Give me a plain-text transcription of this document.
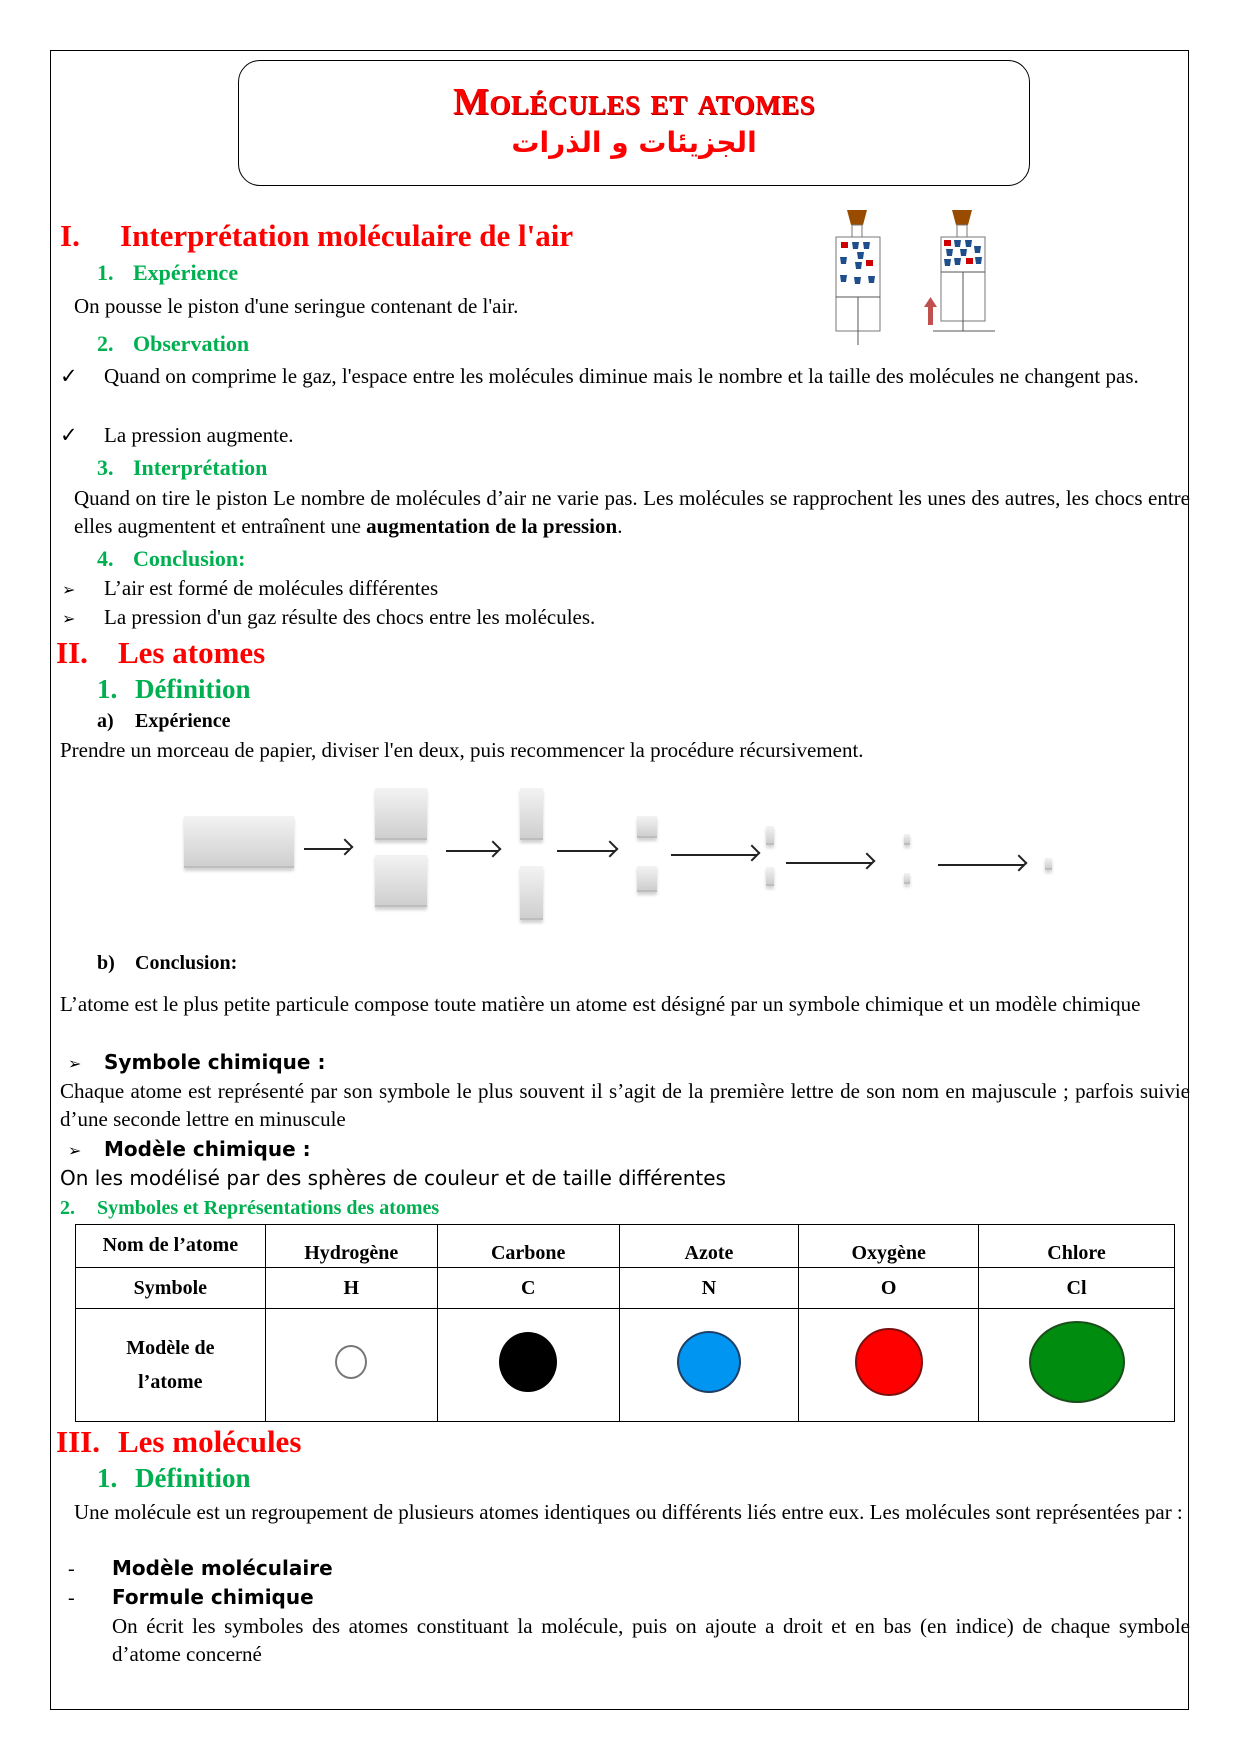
Molécules et atomes
الجزيئات و الذرات
I. Interprétation moléculaire de l'air
1. Expérience
On pousse le piston d'une seringue contenant de l'air.
2. Observation
✓	Quand on comprime le gaz, l'espace entre les molécules diminue mais le nombre et la taille des molécules ne changent pas.
✓ La pression augmente.
3. Interprétation
Quand on tire le piston Le nombre de molécules d’air ne varie pas. Les molécules se rapprochent les unes des autres, les chocs entre elles augmentent et entraînent une augmentation de la pression.
4. Conclusion:
➢ L’air est formé de molécules différentes
➢ La pression d'un gaz résulte des chocs entre les molécules.
II. Les atomes
1. Définition
a) Expérience
Prendre un morceau de papier, diviser l'en deux, puis recommencer la procédure récursivement.
b) Conclusion:
L’atome est le plus petite particule compose toute matière un atome est désigné par un symbole chimique et un modèle chimique
➢ Symbole chimique :
Chaque atome est représenté par son symbole le plus souvent il s’agit de la première lettre de son nom en majuscule ; parfois suivie d’une seconde lettre en minuscule
➢ Modèle chimique :
On les modélisé par des sphères de couleur et de taille différentes
2. Symboles et Représentations des atomes
Nom de l’atome	Hydrogène	Carbone	Azote	Oxygène	Chlore
Symbole	H	C	N	O	Cl

Modèle de
l’atome					

III. Les molécules
1. Définition
Une molécule est un regroupement de plusieurs atomes identiques ou différents liés entre eux. Les molécules sont représentées par :
- Modèle moléculaire
- Formule chimique
On écrit les symboles des atomes constituant la molécule, puis on ajoute a droit et en bas (en indice) de chaque symbole d’atome concerné
